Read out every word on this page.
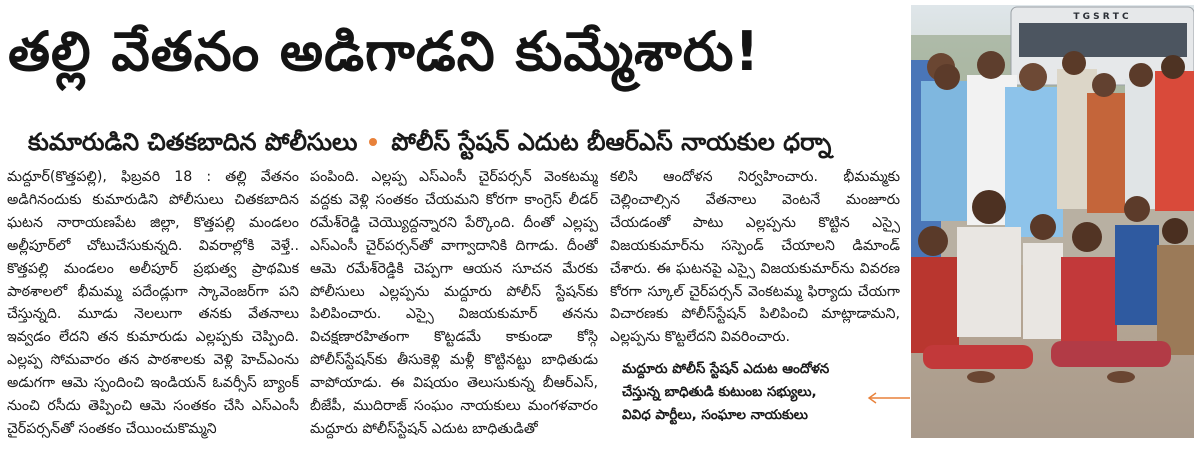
తల్లి వేతనం అడిగాడని కుమ్మేశారు!
కుమారుడిని చితకబాదిన పోలీసులు పోలీస్ స్టేషన్ ఎదుట బీఆర్ఎస్ నాయకుల ధర్నా

మద్దూర్(కొత్తపల్లి), ఫిబ్రవరి 18 : తల్లి వేతనం అడిగినందుకు కుమారుడిని పోలీసులు చితకబాదిన ఘటన నారాయణపేట జిల్లా, కొత్తపల్లి మండలం అల్లీపూర్‌లో చోటుచేసుకున్నది. వివరాల్లోకి వెళ్తే.. కొత్తపల్లి మండలం అలీపూర్ ప్రభుత్వ ప్రాథమిక పాఠశాలలో భీమమ్మ పదేండ్లుగా స్కావెంజర్‌గా పని చేస్తున్నది. మూడు నెలలుగా తనకు వేతనాలు ఇవ్వడం లేదని తన కుమారుడు ఎల్లప్పకు చెప్పింది. ఎల్లప్ప సోమవారం తన పాఠశాలకు వెళ్లి హెచ్ఎంను అడుగగా ఆమె స్పందించి ఇండియన్ ఓవర్సీస్ బ్యాంక్ నుంచి రసీదు తెప్పించి ఆమె సంతకం చేసి ఎస్ఎంసీ చైర్‌పర్సన్‌తో సంతకం చేయించుకొమ్మని

పంపింది. ఎల్లప్ప ఎస్ఎంసీ చైర్‌పర్సన్ వెంకటమ్మ వద్దకు వెళ్లి సంతకం చేయమని కోరగా కాంగ్రెస్ లీడర్ రమేశ్‌రెడ్డి చెయ్యొద్దన్నారని పేర్కొంది. దీంతో ఎల్లప్ప ఎస్ఎంసీ చైర్‌పర్సన్‌తో వాగ్వాదానికి దిగాడు. దీంతో ఆమె రమేశ్‌రెడ్డికి చెప్పగా ఆయన సూచన మేరకు పోలీసులు ఎల్లప్పను మద్దూరు పోలీస్ స్టేషన్‌కు పిలిపించారు. ఎస్సై విజయకుమార్ తనను విచక్షణారహితంగా కొట్టడమే కాకుండా కోస్గి పోలీస్‌స్టేషన్‌కు తీసుకెళ్లి మళ్లీ కొట్టినట్టు బాధితుడు వాపోయాడు. ఈ విషయం తెలుసుకున్న బీఆర్ఎస్, బీజేపీ, ముదిరాజ్ సంఘం నాయకులు మంగళవారం మద్దూరు పోలీస్‌స్టేషన్ ఎదుట బాధితుడితో

కలిసి ఆందోళన నిర్వహించారు. భీమమ్మకు చెల్లించాల్సిన వేతనాలు వెంటనే మంజూరు చేయడంతో పాటు ఎల్లప్పను కొట్టిన ఎస్సై విజయకుమార్‌ను సస్పెండ్ చేయాలని డిమాండ్ చేశారు. ఈ ఘటనపై ఎస్సై విజయకుమార్‌ను వివరణ కోరగా స్కూల్ చైర్‌పర్సన్ వెంకటమ్మ ఫిర్యాదు చేయగా విచారణకు పోలీస్‌స్టేషన్ పిలిపించి మాట్లాడామని, ఎల్లప్పను కొట్టలేదని వివరించారు.

మద్దూరు పోలీస్ స్టేషన్ ఎదుట ఆందోళన
చేస్తున్న బాధితుడి కుటుంబ సభ్యులు,
వివిధ పార్టీలు, సంఘాల నాయకులు
T G S R T C
